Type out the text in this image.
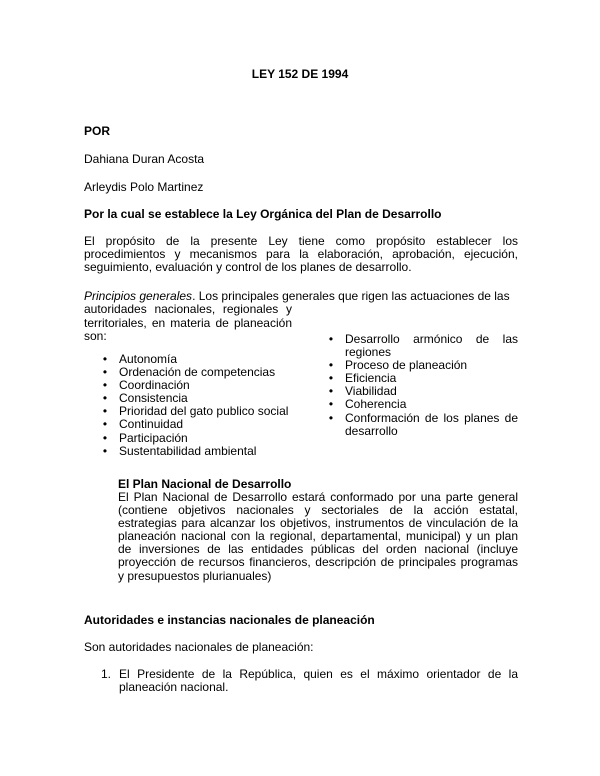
LEY 152 DE 1994
POR
Dahiana Duran Acosta
Arleydis Polo Martinez
Por la cual se establece la Ley Orgánica del Plan de Desarrollo
El propósito de la presente Ley tiene como propósito establecer los procedimientos y mecanismos para la elaboración, aprobación, ejecución, seguimiento, evaluación y control de los planes de desarrollo.
Principios generales. Los principales generales que rigen las actuaciones de las
autoridades nacionales, regionales y
territoriales, en materia de planeación
son:
• Autonomía
• Ordenación de competencias
• Coordinación
• Consistencia
• Prioridad del gato publico social
• Continuidad
• Participación
• Sustentabilidad ambiental
• Desarrollo armónico de las regiones
• Proceso de planeación
• Eficiencia
• Viabilidad
• Coherencia
• Conformación de los planes de desarrollo
El Plan Nacional de Desarrollo
El Plan Nacional de Desarrollo estará conformado por una parte general (contiene objetivos nacionales y sectoriales de la acción estatal, estrategias para alcanzar los objetivos, instrumentos de vinculación de la planeación nacional con la regional, departamental, municipal) y un plan de inversiones de las entidades públicas del orden nacional (incluye proyección de recursos financieros, descripción de principales programas y presupuestos plurianuales)
Autoridades e instancias nacionales de planeación
Son autoridades nacionales de planeación:
1. El Presidente de la República, quien es el máximo orientador de la planeación nacional.
